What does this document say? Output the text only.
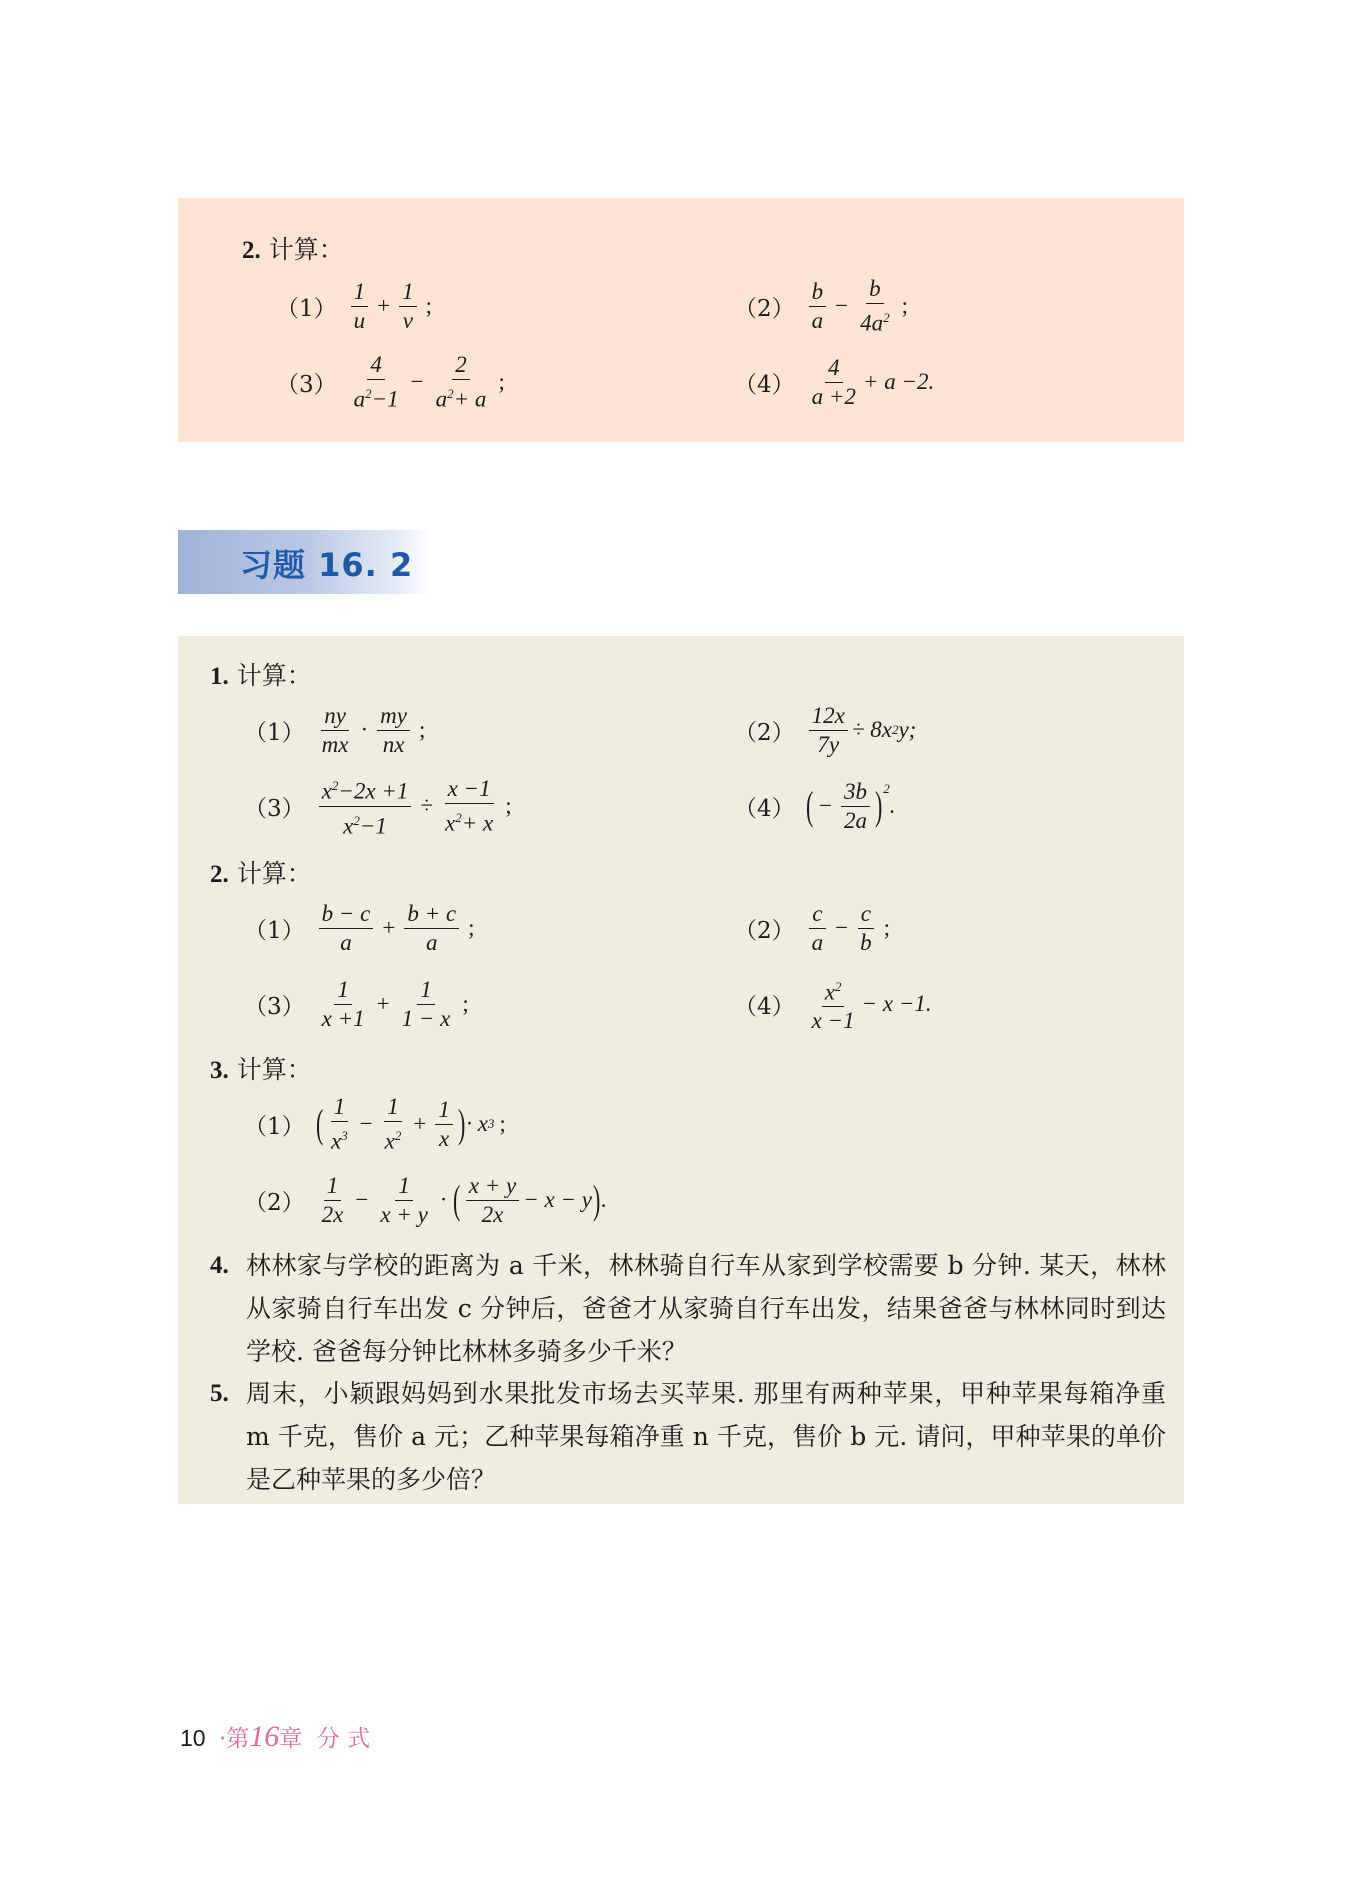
2. 计算：
$(1) \frac{1}{u} + \frac{1}{v}$ ;	$(2) \frac{b}{a} - \frac{b}{4a^2}$ ;
$(3) \frac{4}{a^2-1} - \frac{2}{a^2+ a}$ ;	$(4) \frac{4}{a +2} + a -2$.
习题 16. 2
1. 计算：
$(1) \frac{ny}{mx} \cdot \frac{my}{nx}$ ;	$(2) \frac{12x}{7y} \div 8x$ 2 y;
$(3) \frac{x^2-2x +1}{x^2-1} \div \frac{x -1}{x^2+ x}$ ;	（4） ( − $\frac{3b}{2a} )^2$
.
2. 计算：
$(1) \frac{b - c}{a} + \frac{b + c}{a}$ ;	$(2) \frac{c}{a} - \frac{c}{b}$ ;
$(3) \frac{1}{x +1} + \frac{1}{1 - x}$ ;	$(4) \frac{x^2}{x -1} - x -1$.
3. 计算：
（1） ( $\frac{1}{x^3} - \frac{1}{x^2} + \frac{1}{x}$ ) · x 3 ;
$(2) \frac{1}{2x} - \frac{1}{x + y}$ · ( $\frac{x + y}{2x} - x - y$ ) .
4. 林林家与学校的距离为 a 千米，林林骑自行车从家到学校需要 b 分钟. 某天，林林从家骑自行车出发 c 分钟后，爸爸才从家骑自行车出发，结果爸爸与林林同时到达学校. 爸爸每分钟比林林多骑多少千米？
5. 周末，小颖跟妈妈到水果批发市场去买苹果. 那里有两种苹果，甲种苹果每箱净重 m 千克，售价 a 元；乙种苹果每箱净重 n 千克，售价 b 元. 请问，甲种苹果的单价是乙种苹果的多少倍？
10 ·第16章 分 式
